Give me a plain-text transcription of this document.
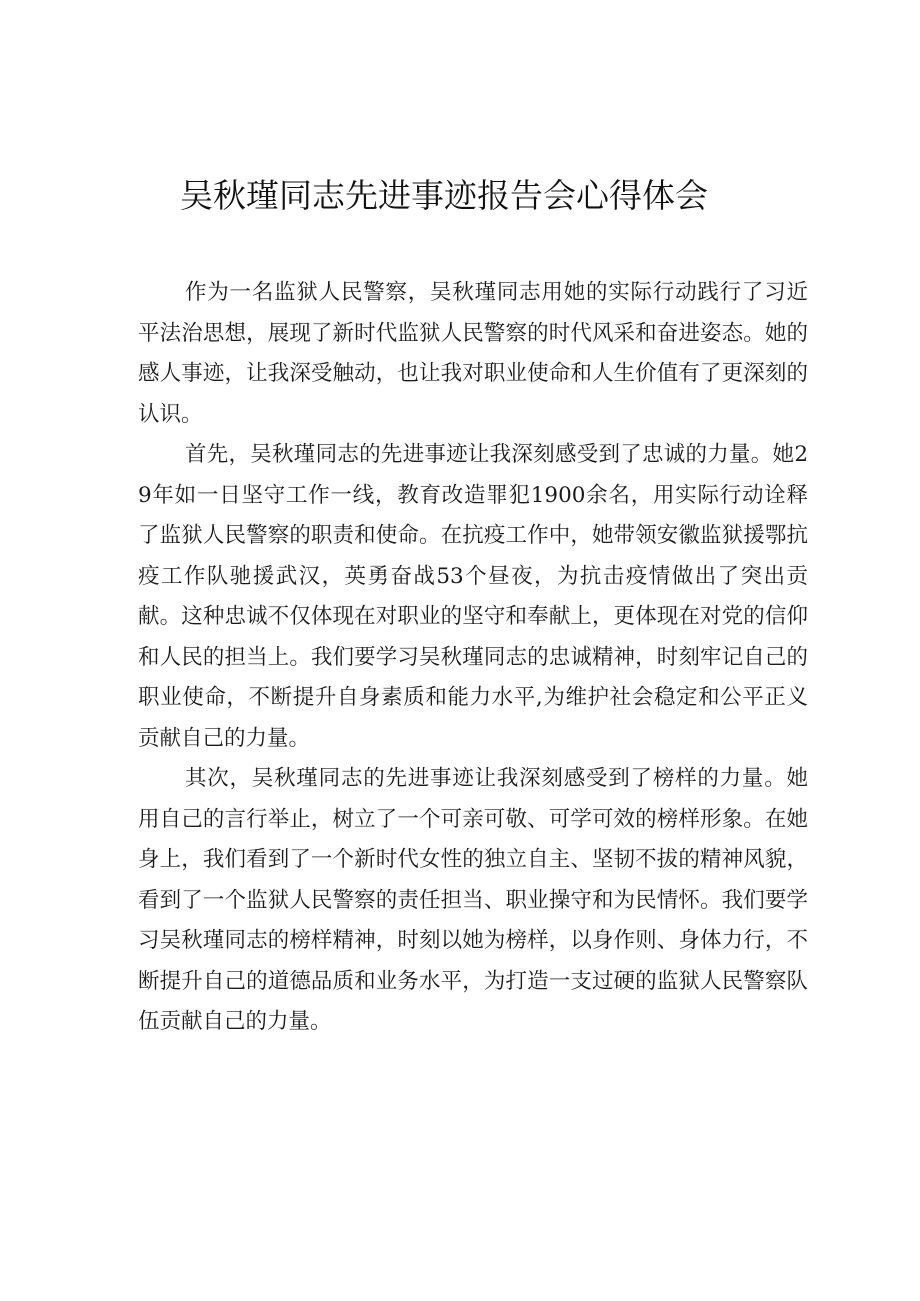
吴秋瑾同志先进事迹报告会心得体会

作为一名监狱人民警察，吴秋瑾同志用她的实际行动践行了习近平法治思想，展现了新时代监狱人民警察的时代风采和奋进姿态。她的感人事迹，让我深受触动，也让我对职业使命和人生价值有了更深刻的认识。

首先，吴秋瑾同志的先进事迹让我深刻感受到了忠诚的力量。她29年如一日坚守工作一线，教育改造罪犯1900余名，用实际行动诠释了监狱人民警察的职责和使命。在抗疫工作中，她带领安徽监狱援鄂抗疫工作队驰援武汉，英勇奋战53个昼夜，为抗击疫情做出了突出贡献。这种忠诚不仅体现在对职业的坚守和奉献上，更体现在对党的信仰和人民的担当上。我们要学习吴秋瑾同志的忠诚精神，时刻牢记自己的职业使命，不断提升自身素质和能力水平,为维护社会稳定和公平正义贡献自己的力量。

其次，吴秋瑾同志的先进事迹让我深刻感受到了榜样的力量。她用自己的言行举止，树立了一个可亲可敬、可学可效的榜样形象。在她身上，我们看到了一个新时代女性的独立自主、坚韧不拔的精神风貌，看到了一个监狱人民警察的责任担当、职业操守和为民情怀。我们要学习吴秋瑾同志的榜样精神，时刻以她为榜样，以身作则、身体力行，不断提升自己的道德品质和业务水平，为打造一支过硬的监狱人民警察队伍贡献自己的力量。
